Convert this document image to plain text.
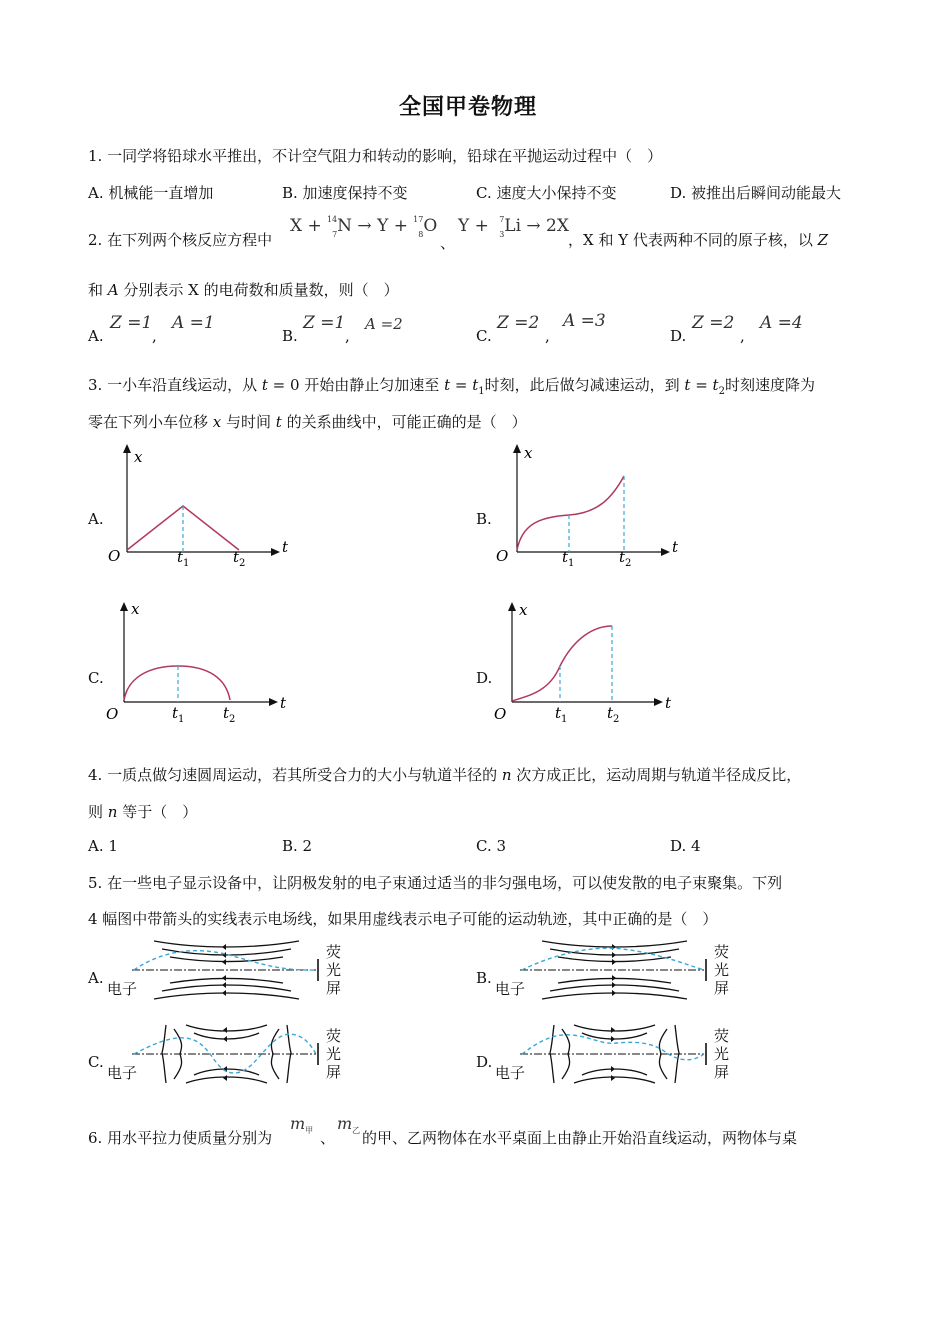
全国甲卷物理
1. 一同学将铅球水平推出，不计空气阻力和转动的影响，铅球在平抛运动过程中（　）
A. 机械能一直增加	B. 加速度保持不变	C. 速度大小保持不变	D. 被推出后瞬间动能最大
2. 在下列两个核反应方程中
X + 14
7 N → Y + 17
8 O
、
Y + 7
3 Li → 2X
，X 和 Y 代表两种不同的原子核，以 Z
和 A 分别表示 X 的电荷数和质量数，则（　）
A.
Z =1
,
A =1
B.
Z =1
,
A =2
C.
Z =2
,
A =3
D.
Z =2
,
A =4
3. 一小车沿直线运动，从 t = 0 开始由静止匀加速至 $t = t_1$时刻，此后做匀减速运动，到 $t = t_2$时刻速度降为
零在下列小车位移 x 与时间 t 的关系曲线中，可能正确的是（　）
A.	B.
C.	D.
x
t
O	t 1	t 2
x
t
O	t 1	t 2
x
t
O	t 1	t 2
x
t
O	t 1	t 2
4. 一质点做匀速圆周运动，若其所受合力的大小与轨道半径的 n 次方成正比，运动周期与轨道半径成反比，
则 n 等于（　）
A. 1	B. 2	C. 3	D. 4
5. 在一些电子显示设备中，让阴极发射的电子束通过适当的非匀强电场，可以使发散的电子束聚集。下列
4 幅图中带箭头的实线表示电场线，如果用虚线表示电子可能的运动轨迹，其中正确的是（　）
A.
电子
荧
光
屏
B.
电子
荧
光
屏
C.
电子
荧
光
屏
D.
电子
荧
光
屏
6. 用水平拉力使质量分别为
$m_甲$ 、
$m_乙$ 的甲、乙两物体在水平桌面上由静止开始沿直线运动，两物体与桌
